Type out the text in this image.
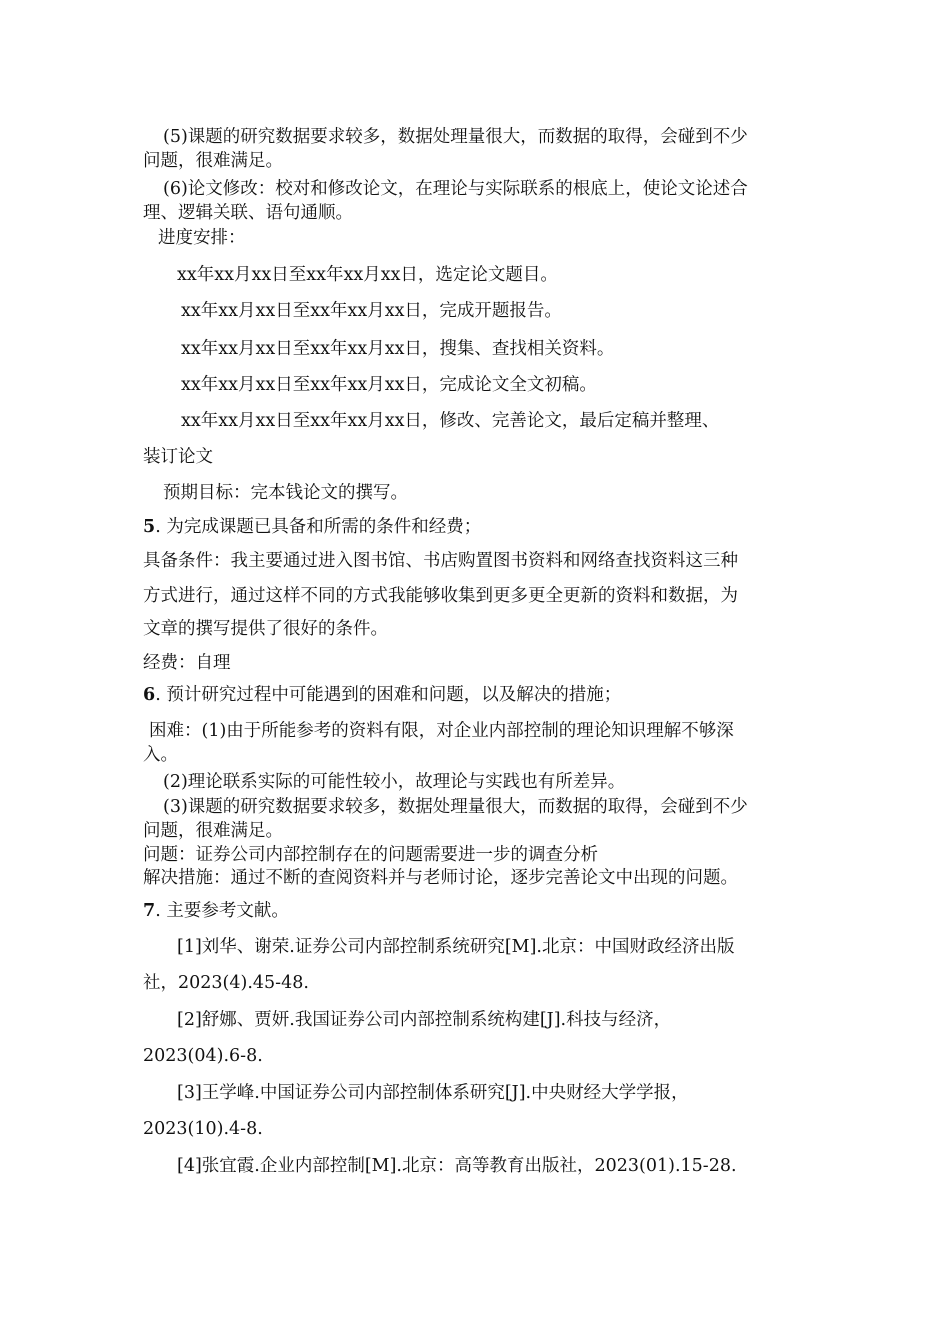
(5)课题的研究数据要求较多，数据处理量很大，而数据的取得，会碰到不少
问题，很难满足。
(6)论文修改：校对和修改论文，在理论与实际联系的根底上，使论文论述合
理、逻辑关联、语句通顺。
进度安排：
xx年xx月xx日至xx年xx月xx日，选定论文题目。
xx年xx月xx日至xx年xx月xx日，完成开题报告。
xx年xx月xx日至xx年xx月xx日，搜集、查找相关资料。
xx年xx月xx日至xx年xx月xx日，完成论文全文初稿。
xx年xx月xx日至xx年xx月xx日，修改、完善论文，最后定稿并整理、
装订论文
预期目标：完本钱论文的撰写。
5. 为完成课题已具备和所需的条件和经费；
具备条件：我主要通过进入图书馆、书店购置图书资料和网络查找资料这三种
方式进行，通过这样不同的方式我能够收集到更多更全更新的资料和数据，为
文章的撰写提供了很好的条件。
经费：自理
6. 预计研究过程中可能遇到的困难和问题，以及解决的措施；
困难：(1)由于所能参考的资料有限，对企业内部控制的理论知识理解不够深
入。
(2)理论联系实际的可能性较小，故理论与实践也有所差异。
(3)课题的研究数据要求较多，数据处理量很大，而数据的取得，会碰到不少
问题，很难满足。
问题：证券公司内部控制存在的问题需要进一步的调查分析
解决措施：通过不断的查阅资料并与老师讨论，逐步完善论文中出现的问题。
7. 主要参考文献。
[1]刘华、谢荣.证券公司内部控制系统研究[M].北京：中国财政经济出版
社，2023(4).45-48.
[2]舒娜、贾妍.我国证券公司内部控制系统构建[J].科技与经济，
2023(04).6-8.
[3]王学峰.中国证券公司内部控制体系研究[J].中央财经大学学报，
2023(10).4-8.
[4]张宜霞.企业内部控制[M].北京：高等教育出版社，2023(01).15-28.
